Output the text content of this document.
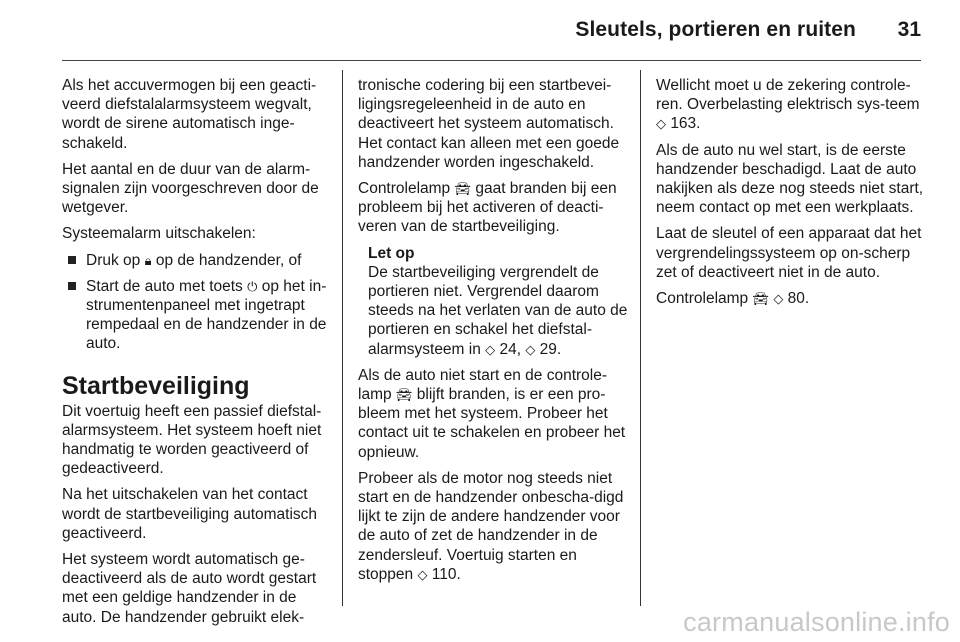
Sleutels, portieren en ruiten 31

Als het accuvermogen bij een geacti-veerd diefstalalarmsysteem wegvalt, wordt de sirene automatisch inge-schakeld.

Het aantal en de duur van de alarm-signalen zijn voorgeschreven door de wetgever.

Systeemalarm uitschakelen:

Druk op 🔒︎ op de handzender, of
Start de auto met toets ⏻ op het in-strumentenpaneel met ingetrapt rempedaal en de handzender in de auto.
Startbeveiliging

Dit voertuig heeft een passief diefstal-alarmsysteem. Het systeem hoeft niet handmatig te worden geactiveerd of gedeactiveerd.

Na het uitschakelen van het contact wordt de startbeveiliging automatisch geactiveerd.

Het systeem wordt automatisch ge-deactiveerd als de auto wordt gestart met een geldige handzender in de auto. De handzender gebruikt elek-

tronische codering bij een startbevei-ligingsregeleenheid in de auto en deactiveert het systeem automatisch. Het contact kan alleen met een goede handzender worden ingeschakeld.

Controlelamp 🚘︎ gaat branden bij een probleem bij het activeren of deacti-veren van de startbeveiliging.

Let op
De startbeveiliging vergrendelt de portieren niet. Vergrendel daarom steeds na het verlaten van de auto de portieren en schakel het diefstal-alarmsysteem in ◇ 24, ◇ 29.

Als de auto niet start en de controle-lamp 🚘︎ blijft branden, is er een pro-bleem met het systeem. Probeer het contact uit te schakelen en probeer het opnieuw.

Probeer als de motor nog steeds niet start en de handzender onbescha-digd lijkt te zijn de andere handzender voor de auto of zet de handzender in de zendersleuf. Voertuig starten en stoppen ◇ 110.

Wellicht moet u de zekering controle-ren. Overbelasting elektrisch sys-teem ◇ 163.

Als de auto nu wel start, is de eerste handzender beschadigd. Laat de auto nakijken als deze nog steeds niet start, neem contact op met een werkplaats.

Laat de sleutel of een apparaat dat het vergrendelingssysteem op on-scherp zet of deactiveert niet in de auto.

Controlelamp 🚘︎ ◇ 80.

carmanualsonline.info
